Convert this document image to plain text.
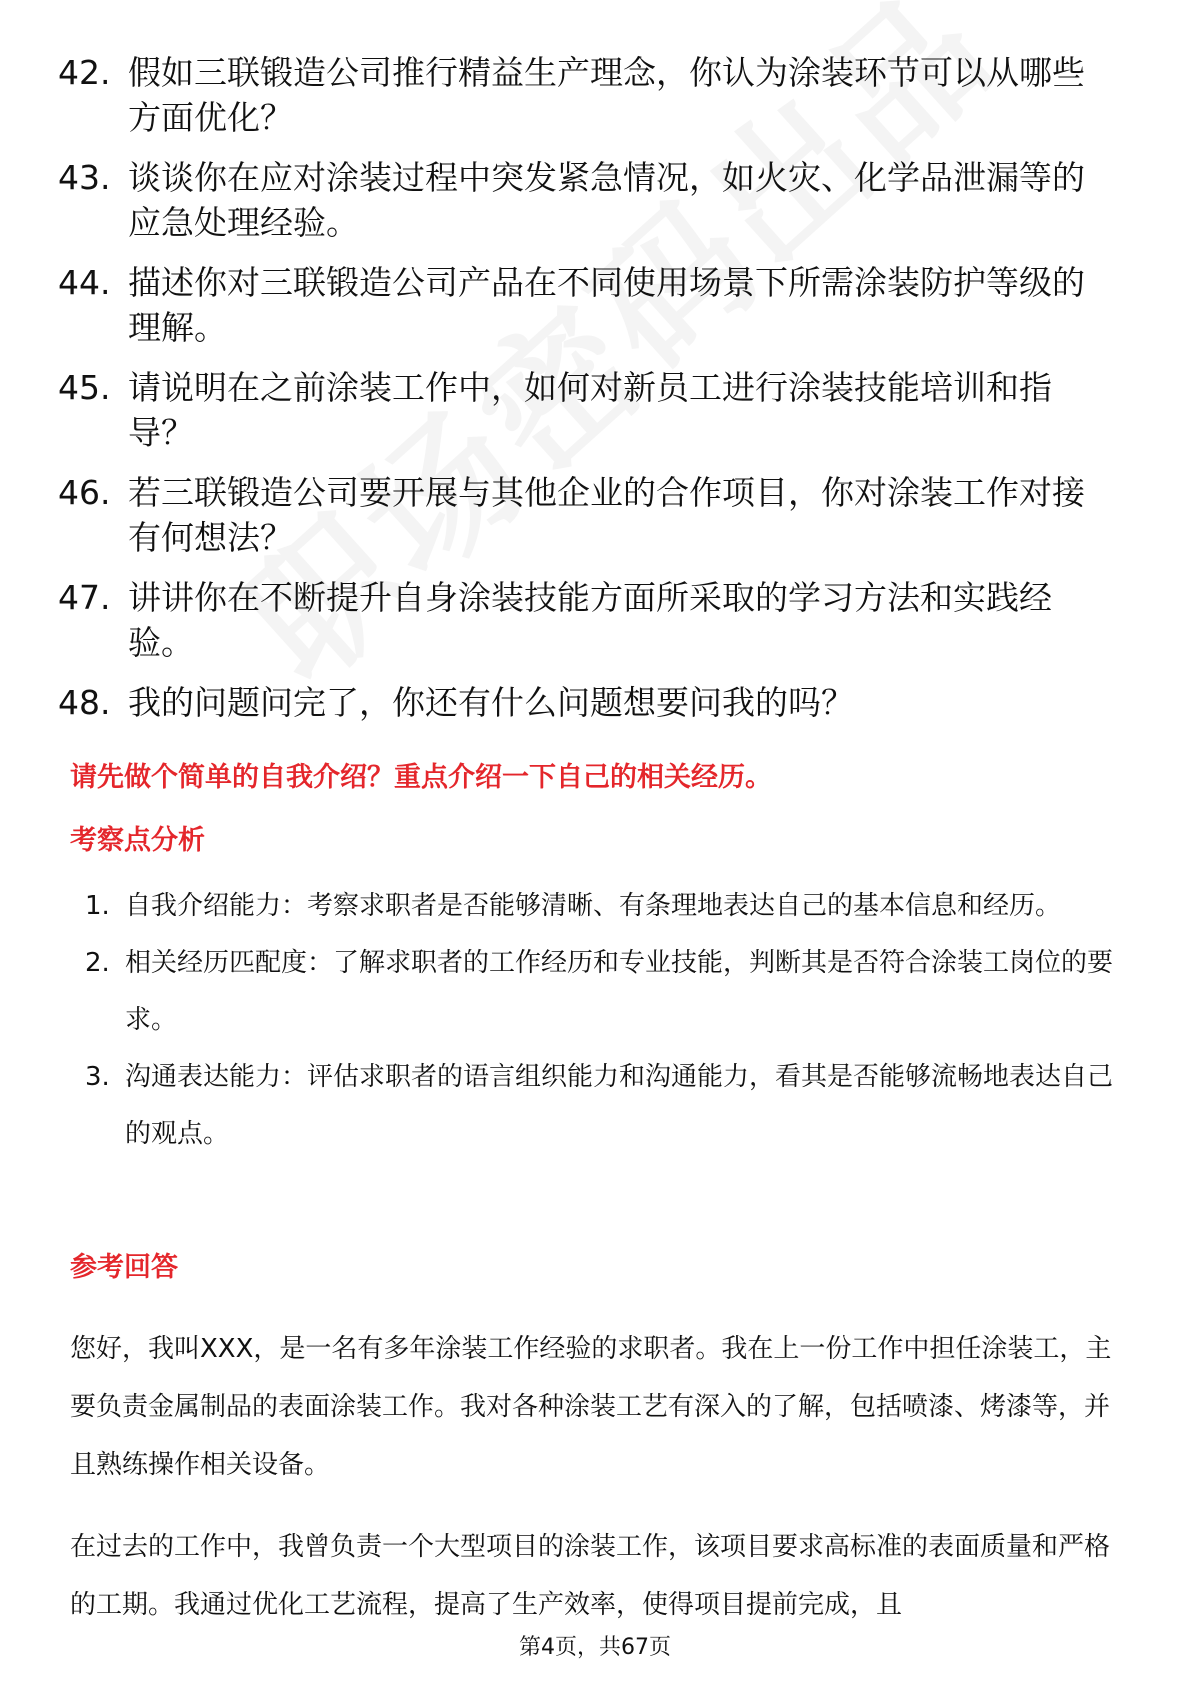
42. 假如三联锻造公司推行精益生产理念，你认为涂装环节可以从哪些方面优化？
43. 谈谈你在应对涂装过程中突发紧急情况，如火灾、化学品泄漏等的应急处理经验。
44. 描述你对三联锻造公司产品在不同使用场景下所需涂装防护等级的理解。
45. 请说明在之前涂装工作中，如何对新员工进行涂装技能培训和指导？
46. 若三联锻造公司要开展与其他企业的合作项目，你对涂装工作对接有何想法？
47. 讲讲你在不断提升自身涂装技能方面所采取的学习方法和实践经验。
48. 我的问题问完了，你还有什么问题想要问我的吗？
请先做个简单的自我介绍？重点介绍一下自己的相关经历。
考察点分析
1. 自我介绍能力：考察求职者是否能够清晰、有条理地表达自己的基本信息和经历。
2. 相关经历匹配度：了解求职者的工作经历和专业技能，判断其是否符合涂装工岗位的要求。
3. 沟通表达能力：评估求职者的语言组织能力和沟通能力，看其是否能够流畅地表达自己的观点。
参考回答
您好，我叫XXX，是一名有多年涂装工作经验的求职者。我在上一份工作中担任涂装工，主要负责金属制品的表面涂装工作。我对各种涂装工艺有深入的了解，包括喷漆、烤漆等，并且熟练操作相关设备。
在过去的工作中，我曾负责一个大型项目的涂装工作，该项目要求高标准的表面质量和严格的工期。我通过优化工艺流程，提高了生产效率，使得项目提前完成，且
第4页，共67页
